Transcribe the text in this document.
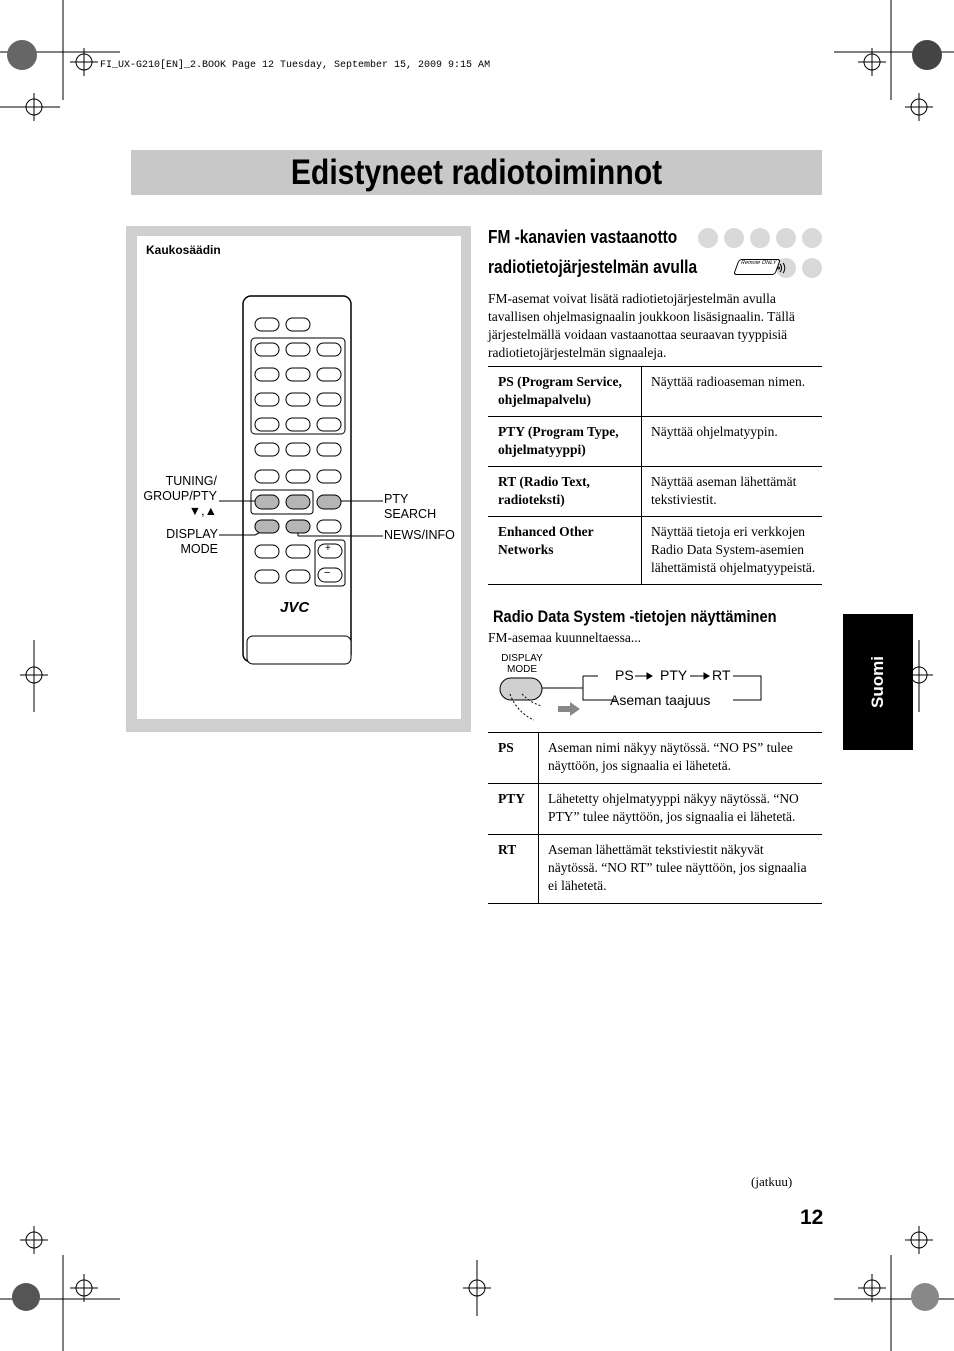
FI_UX-G210[EN]_2.BOOK Page 12 Tuesday, September 15, 2009 9:15 AM
Edistyneet radiotoiminnot
Kaukosäädin
+
−
JVC
TUNING/
GROUP/PTY
▼,▲
DISPLAY
MODE
PTY
SEARCH
NEWS/INFO
FM -kanavien vastaanotto
radiotietojärjestelmän avulla	Remote ONLY
FM-asemat voivat lisätä radiotietojärjestelmän avulla tavallisen ohjelmasignaalin joukkoon lisäsignaalin. Tällä järjestelmällä voidaan vastaanottaa seuraavan tyyppisiä radiotietojärjestelmän signaaleja.
PS (Program Service, ohjelmapalvelu)	Näyttää radioaseman nimen.
PTY (Program Type, ohjelmatyyppi)	Näyttää ohjelmatyypin.
RT (Radio Text, radioteksti)	Näyttää aseman lähettämät tekstiviestit.
Enhanced Other Networks	Näyttää tietoja eri verkkojen Radio Data System-asemien lähettämistä ohjelmatyypeistä.
Radio Data System -tietojen näyttäminen
FM-asemaa kuunneltaessa...
DISPLAY
MODE	PS PTY RT
Aseman taajuus
PS	Aseman nimi näkyy näytössä. “NO PS” tulee näyttöön, jos signaalia ei lähetetä.
PTY	Lähetetty ohjelmatyyppi näkyy näytössä. “NO PTY” tulee näyttöön, jos signaalia ei lähetetä.
RT	Aseman lähettämät tekstiviestit näkyvät näytössä. “NO RT” tulee näyttöön, jos signaalia ei lähetetä.
Suomi
(jatkuu)
12
